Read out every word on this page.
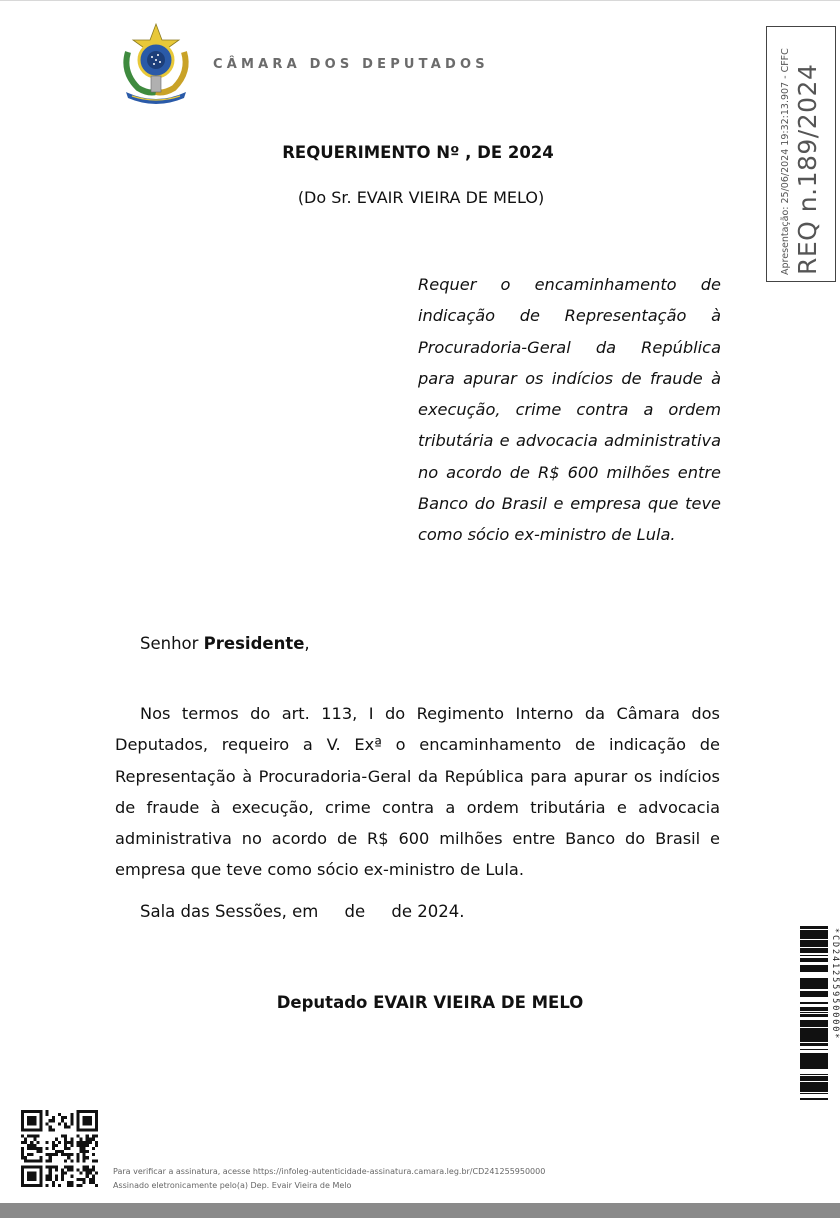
CÂMARA DOS DEPUTADOS	Apresentação: 25/06/2024 19:32:13.907 - CFFC REQ n.189/2024
REQUERIMENTO Nº , DE 2024
(Do Sr. EVAIR VIEIRA DE MELO)
Requer o encaminhamento de indicação de Representação à Procuradoria-Geral da República para apurar os indícios de fraude à execução, crime contra a ordem tributária e advocacia administrativa no acordo de R$ 600 milhões entre Banco do Brasil e empresa que teve como sócio ex-ministro de Lula.
Senhor Presidente,
Nos termos do art. 113, I do Regimento Interno da Câmara dos Deputados, requeiro a V. Exª o encaminhamento de indicação de Representação à Procuradoria-Geral da República para apurar os indícios de fraude à execução, crime contra a ordem tributária e advocacia administrativa no acordo de R$ 600 milhões entre Banco do Brasil e empresa que teve como sócio ex-ministro de Lula.
Sala das Sessões, em     de     de 2024.
Deputado EVAIR VIEIRA DE MELO	*CD241255950000*
Para verificar a assinatura, acesse https://infoleg-autenticidade-assinatura.camara.leg.br/CD241255950000
Assinado eletronicamente pelo(a) Dep. Evair Vieira de Melo
